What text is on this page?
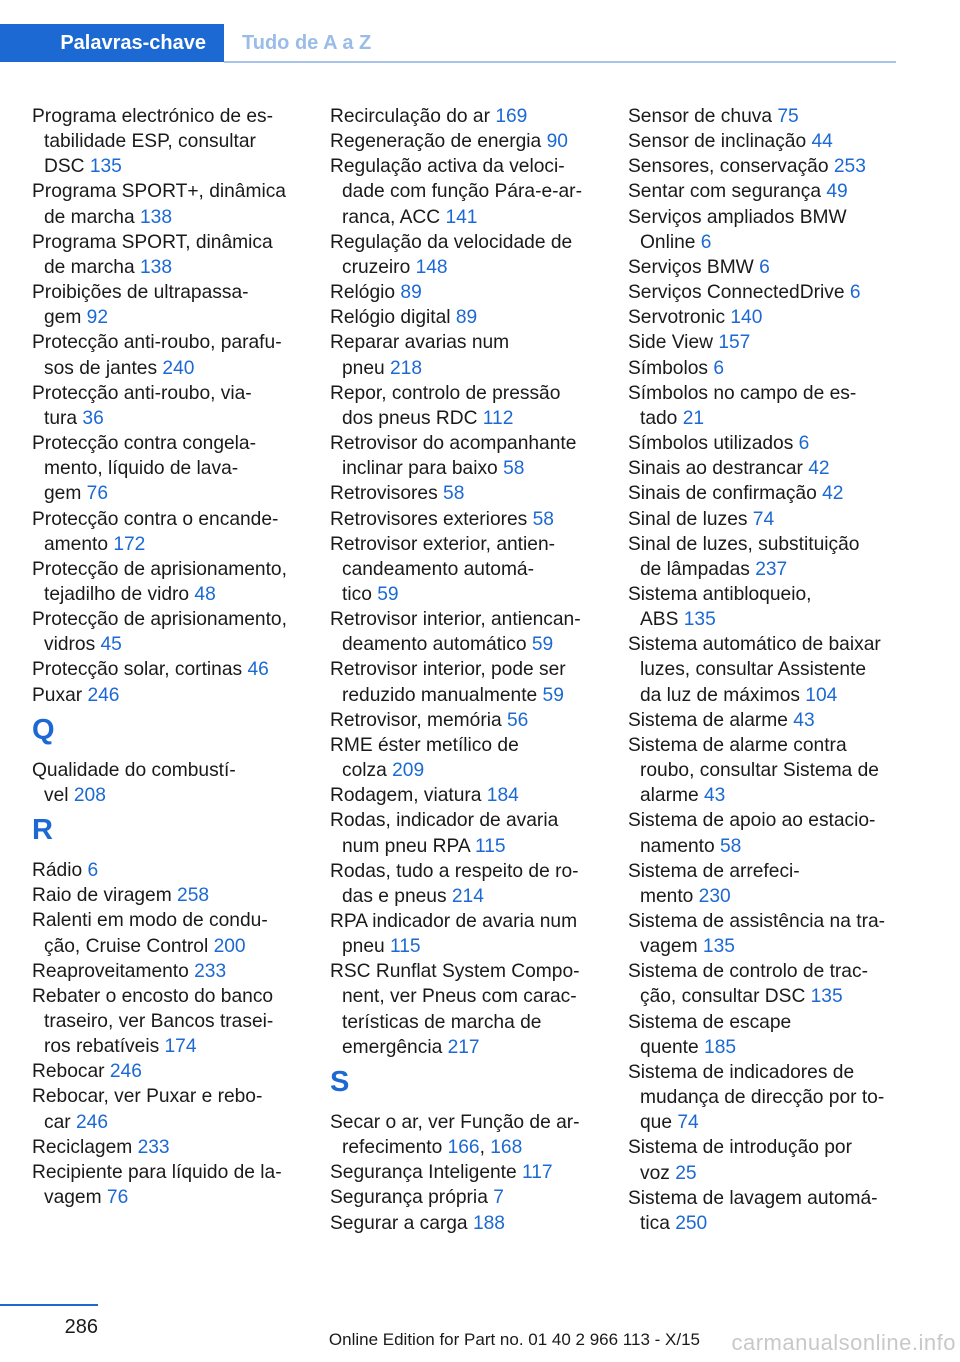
Palavras-chave Tudo de A a Z
Programa electrónico de es-
tabilidade ESP, consultar
DSC 135
Programa SPORT+, dinâmica
de marcha 138
Programa SPORT, dinâmica
de marcha 138
Proibições de ultrapassa-
gem 92
Protecção anti-roubo, parafu-
sos de jantes 240
Protecção anti-roubo, via-
tura 36
Protecção contra congela-
mento, líquido de lava-
gem 76
Protecção contra o encande-
amento 172
Protecção de aprisionamento,
tejadilho de vidro 48
Protecção de aprisionamento,
vidros 45
Protecção solar, cortinas 46
Puxar 246
Q
Qualidade do combustí-
vel 208
R
Rádio 6
Raio de viragem 258
Ralenti em modo de condu-
ção, Cruise Control 200
Reaproveitamento 233
Rebater o encosto do banco
traseiro, ver Bancos trasei-
ros rebatíveis 174
Rebocar 246
Rebocar, ver Puxar e rebo-
car 246
Reciclagem 233
Recipiente para líquido de la-
vagem 76
Recirculação do ar 169
Regeneração de energia 90
Regulação activa da veloci-
dade com função Pára-e-ar-
ranca, ACC 141
Regulação da velocidade de
cruzeiro 148
Relógio 89
Relógio digital 89
Reparar avarias num
pneu 218
Repor, controlo de pressão
dos pneus RDC 112
Retrovisor do acompanhante
inclinar para baixo 58
Retrovisores 58
Retrovisores exteriores 58
Retrovisor exterior, antien-
candeamento automá-
tico 59
Retrovisor interior, antiencan-
deamento automático 59
Retrovisor interior, pode ser
reduzido manualmente 59
Retrovisor, memória 56
RME éster metílico de
colza 209
Rodagem, viatura 184
Rodas, indicador de avaria
num pneu RPA 115
Rodas, tudo a respeito de ro-
das e pneus 214
RPA indicador de avaria num
pneu 115
RSC Runflat System Compo-
nent, ver Pneus com carac-
terísticas de marcha de
emergência 217
S
Secar o ar, ver Função de ar-
refecimento 166, 168
Segurança Inteligente 117
Segurança própria 7
Segurar a carga 188
Sensor de chuva 75
Sensor de inclinação 44
Sensores, conservação 253
Sentar com segurança 49
Serviços ampliados BMW
Online 6
Serviços BMW 6
Serviços ConnectedDrive 6
Servotronic 140
Side View 157
Símbolos 6
Símbolos no campo de es-
tado 21
Símbolos utilizados 6
Sinais ao destrancar 42
Sinais de confirmação 42
Sinal de luzes 74
Sinal de luzes, substituição
de lâmpadas 237
Sistema antibloqueio,
ABS 135
Sistema automático de baixar
luzes, consultar Assistente
da luz de máximos 104
Sistema de alarme 43
Sistema de alarme contra
roubo, consultar Sistema de
alarme 43
Sistema de apoio ao estacio-
namento 58
Sistema de arrefeci-
mento 230
Sistema de assistência na tra-
vagem 135
Sistema de controlo de trac-
ção, consultar DSC 135
Sistema de escape
quente 185
Sistema de indicadores de
mudança de direcção por to-
que 74
Sistema de introdução por
voz 25
Sistema de lavagem automá-
tica 250
286
Online Edition for Part no. 01 40 2 966 113 - X/15 carmanualsonline.info
